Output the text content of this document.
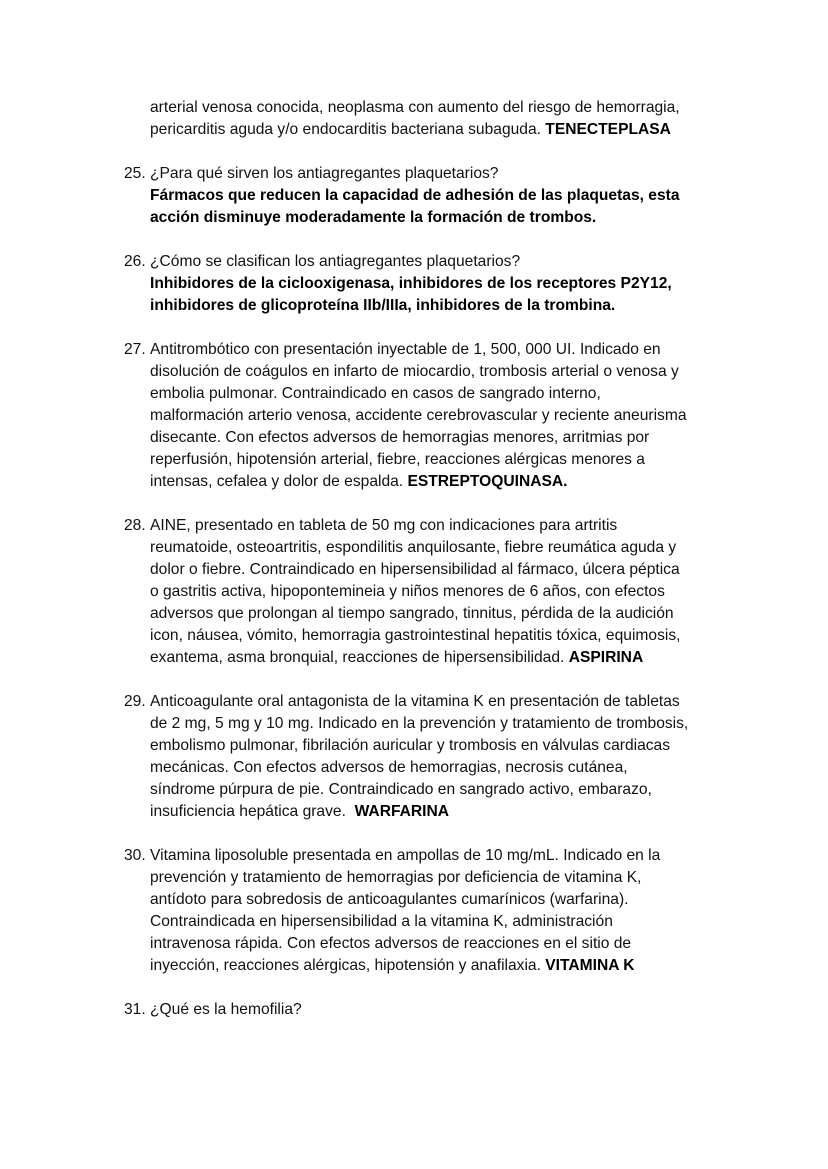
arterial venosa conocida, neoplasma con aumento del riesgo de hemorragia,
pericarditis aguda y/o endocarditis bacteriana subaguda. TENECTEPLASA
25. ¿Para qué sirven los antiagregantes plaquetarios?
Fármacos que reducen la capacidad de adhesión de las plaquetas, esta
acción disminuye moderadamente la formación de trombos.
26. ¿Cómo se clasifican los antiagregantes plaquetarios?
Inhibidores de la ciclooxigenasa, inhibidores de los receptores P2Y12,
inhibidores de glicoproteína IIb/IIIa, inhibidores de la trombina.
27. Antitrombótico con presentación inyectable de 1, 500, 000 UI. Indicado en
disolución de coágulos en infarto de miocardio, trombosis arterial o venosa y
embolia pulmonar. Contraindicado en casos de sangrado interno,
malformación arterio venosa, accidente cerebrovascular y reciente aneurisma
disecante. Con efectos adversos de hemorragias menores, arritmias por
reperfusión, hipotensión arterial, fiebre, reacciones alérgicas menores a
intensas, cefalea y dolor de espalda. ESTREPTOQUINASA.
28. AINE, presentado en tableta de 50 mg con indicaciones para artritis
reumatoide, osteoartritis, espondilitis anquilosante, fiebre reumática aguda y
dolor o fiebre. Contraindicado en hipersensibilidad al fármaco, úlcera péptica
o gastritis activa, hipopontemineia y niños menores de 6 años, con efectos
adversos que prolongan al tiempo sangrado, tinnitus, pérdida de la audición
icon, náusea, vómito, hemorragia gastrointestinal hepatitis tóxica, equimosis,
exantema, asma bronquial, reacciones de hipersensibilidad. ASPIRINA
29. Anticoagulante oral antagonista de la vitamina K en presentación de tabletas
de 2 mg, 5 mg y 10 mg. Indicado en la prevención y tratamiento de trombosis,
embolismo pulmonar, fibrilación auricular y trombosis en válvulas cardiacas
mecánicas. Con efectos adversos de hemorragias, necrosis cutánea,
síndrome púrpura de pie. Contraindicado en sangrado activo, embarazo,
insuficiencia hepática grave.  WARFARINA
30. Vitamina liposoluble presentada en ampollas de 10 mg/mL. Indicado en la
prevención y tratamiento de hemorragias por deficiencia de vitamina K,
antídoto para sobredosis de anticoagulantes cumarínicos (warfarina).
Contraindicada en hipersensibilidad a la vitamina K, administración
intravenosa rápida. Con efectos adversos de reacciones en el sitio de
inyección, reacciones alérgicas, hipotensión y anafilaxia. VITAMINA K
31. ¿Qué es la hemofilia?
